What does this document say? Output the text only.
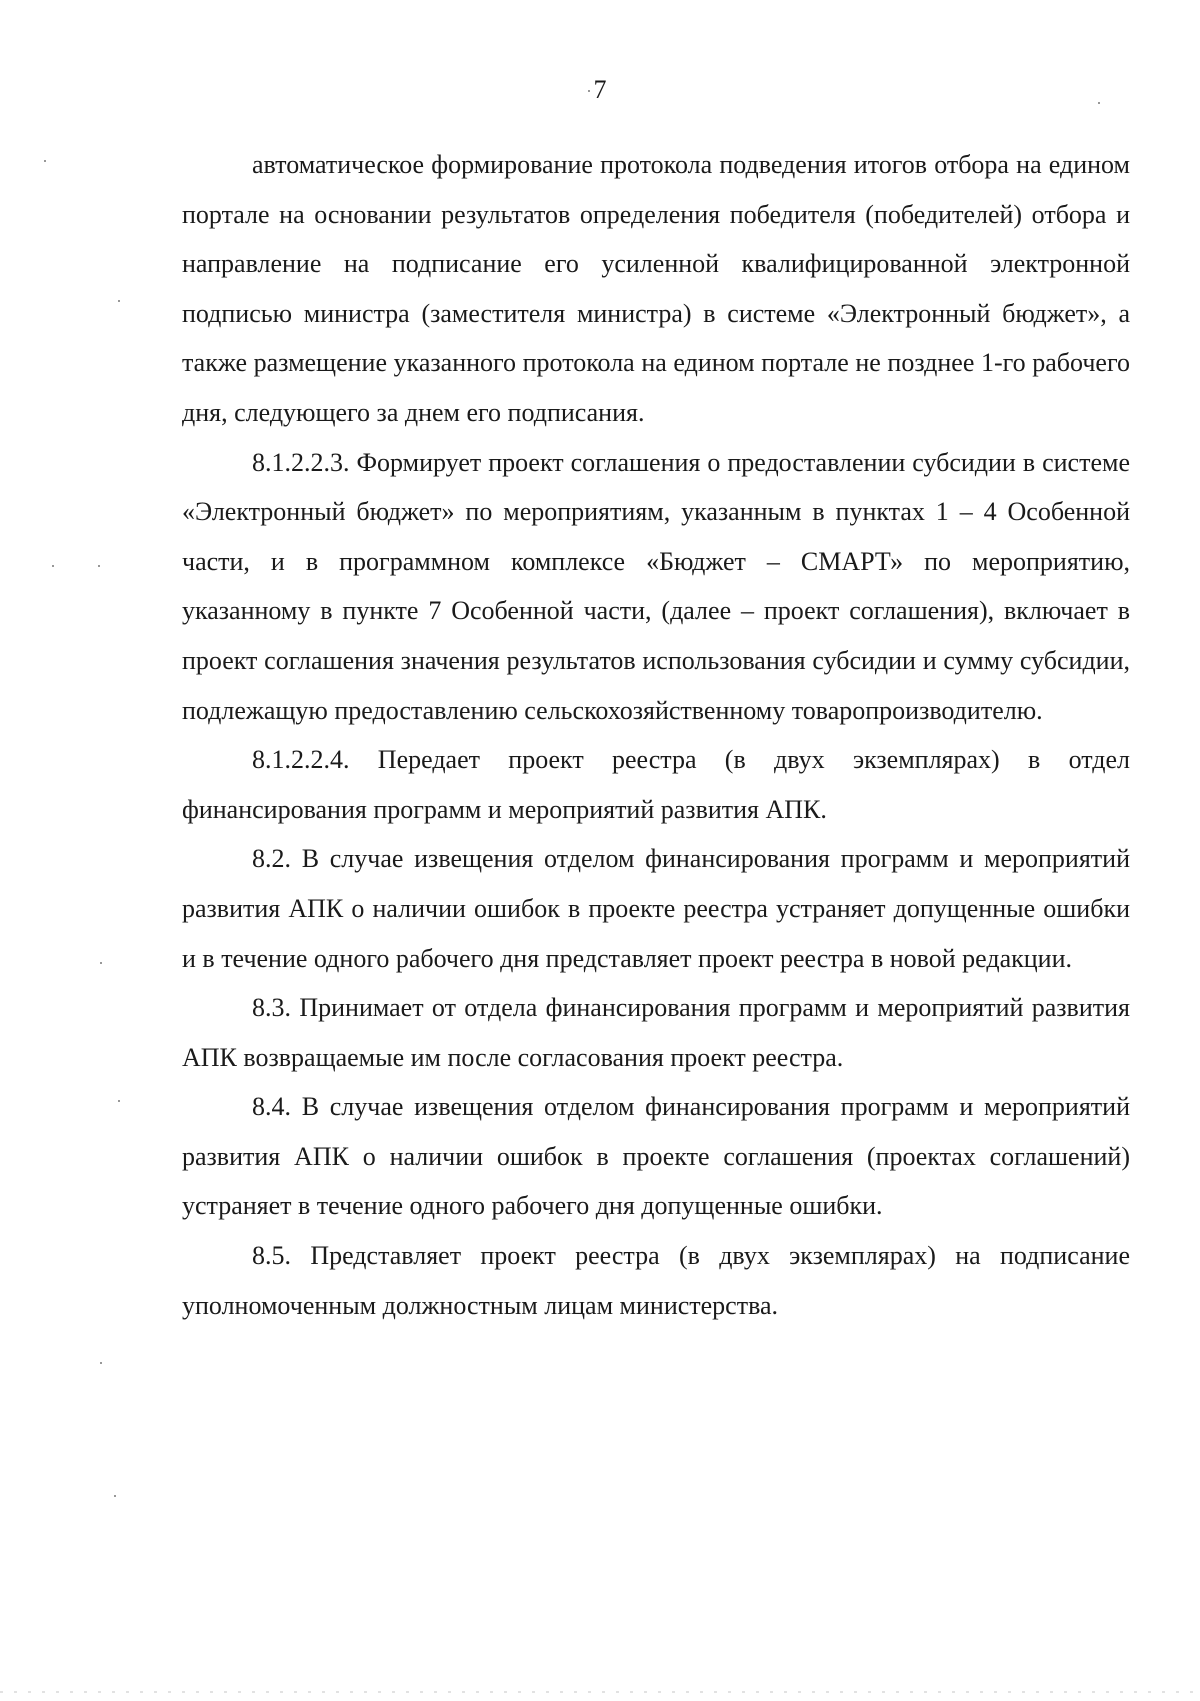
7

автоматическое формирование протокола подведения итогов отбора на едином портале на основании результатов определения победителя (победителей) отбора и направление на подписание его усиленной квалифицированной электронной подписью министра (заместителя министра) в системе «Электронный бюджет», а также размещение указанного протокола на едином портале не позднее 1-го рабочего дня, следующего за днем его подписания.

8.1.2.2.3. Формирует проект соглашения о предоставлении субсидии в системе «Электронный бюджет» по мероприятиям, указанным в пунктах 1 – 4 Особенной части, и в программном комплексе «Бюджет – СМАРТ» по мероприятию, указанному в пункте 7 Особенной части, (далее – проект соглашения), включает в проект соглашения значения результатов использования субсидии и сумму субсидии, подлежащую предоставлению сельскохозяйственному товаропроизводителю.

8.1.2.2.4. Передает проект реестра (в двух экземплярах) в отдел финансирования программ и мероприятий развития АПК.

8.2. В случае извещения отделом финансирования программ и мероприятий развития АПК о наличии ошибок в проекте реестра устраняет допущенные ошибки и в течение одного рабочего дня представляет проект реестра в новой редакции.

8.3. Принимает от отдела финансирования программ и мероприятий развития АПК возвращаемые им после согласования проект реестра.

8.4. В случае извещения отделом финансирования программ и мероприятий развития АПК о наличии ошибок в проекте соглашения (проектах соглашений) устраняет в течение одного рабочего дня допущенные ошибки.

8.5. Представляет проект реестра (в двух экземплярах) на подписание уполномоченным должностным лицам министерства.
